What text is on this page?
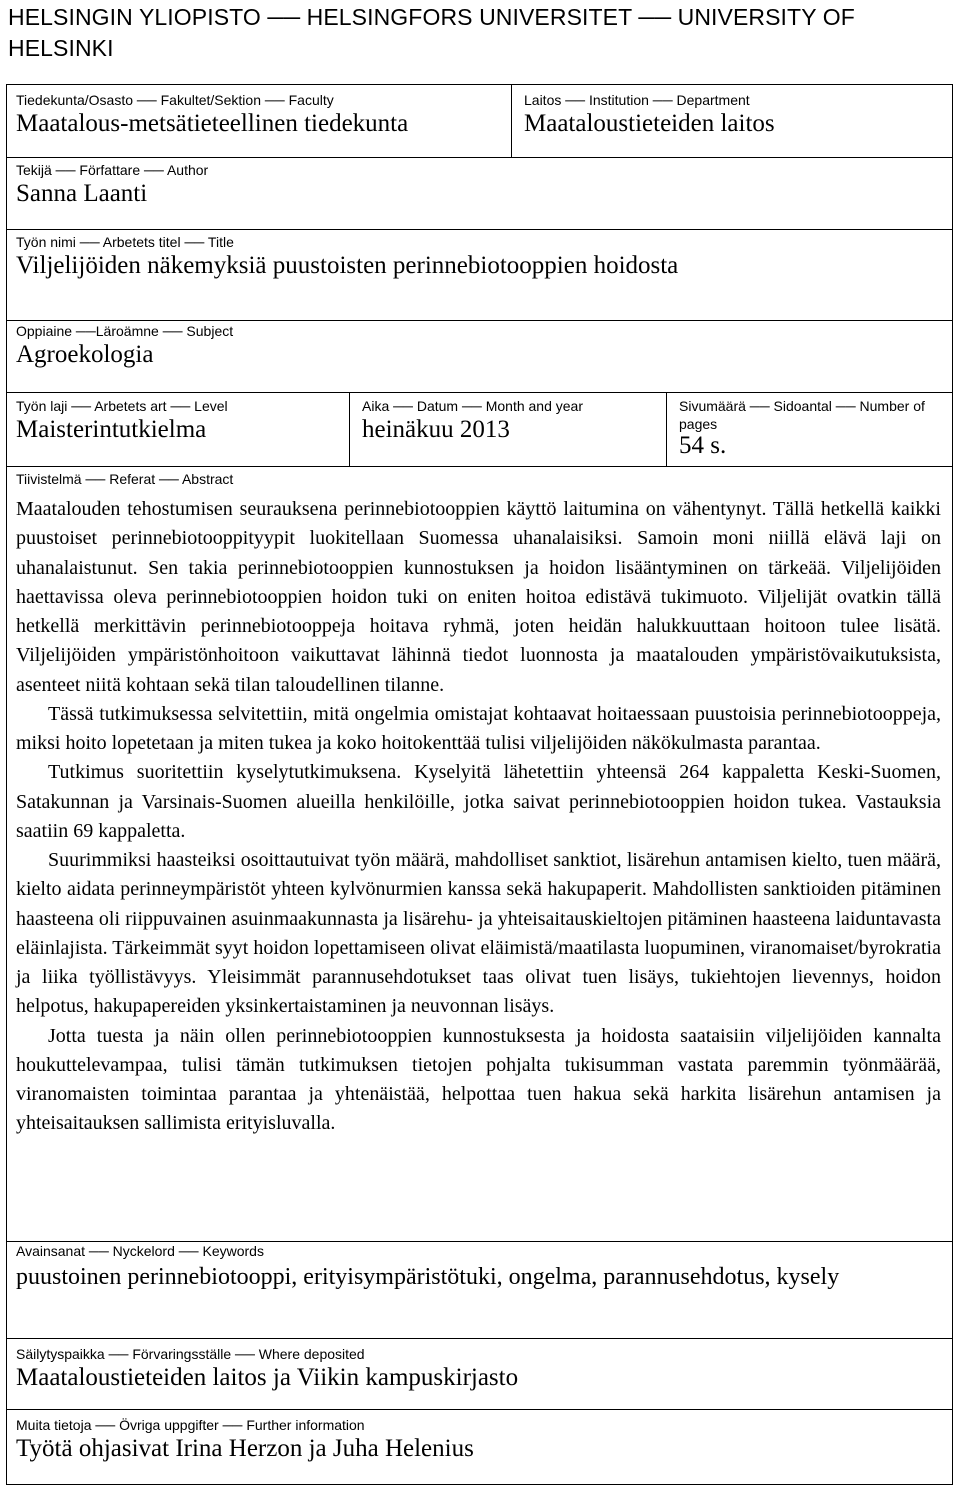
HELSINGIN YLIOPISTO ── HELSINGFORS UNIVERSITET ── UNIVERSITY OF HELSINKI
Tiedekunta/Osasto ── Fakultet/Sektion ── Faculty
Maatalous-metsätieteellinen tiedekunta
Laitos ── Institution ── Department
Maataloustieteiden laitos
Tekijä ── Författare ── Author
Sanna Laanti
Työn nimi ── Arbetets titel ── Title
Viljelijöiden näkemyksiä puustoisten perinnebiotooppien hoidosta
Oppiaine ──Läroämne ── Subject
Agroekologia
Työn laji ── Arbetets art ── Level
Maisterintutkielma
Aika ── Datum ── Month and year
heinäkuu 2013
Sivumäärä ── Sidoantal ── Number of pages
54 s.
Tiivistelmä ── Referat ── Abstract

Maatalouden tehostumisen seurauksena perinnebiotooppien käyttö laitumina on vähentynyt. Tällä hetkellä kaikki puustoiset perinnebiotooppityypit luokitellaan Suomessa uhanalaisiksi. Samoin moni niillä elävä laji on uhanalaistunut. Sen takia perinnebiotooppien kunnostuksen ja hoidon lisääntyminen on tärkeää. Viljelijöiden haettavissa oleva perinnebiotooppien hoidon tuki on eniten hoitoa edistävä tukimuoto. Viljelijät ovatkin tällä hetkellä merkittävin perinnebiotooppeja hoitava ryhmä, joten heidän halukkuuttaan hoitoon tulee lisätä. Viljelijöiden ympäristönhoitoon vaikuttavat lähinnä tiedot luonnosta ja maatalouden ympäristövaikutuksista, asenteet niitä kohtaan sekä tilan taloudellinen tilanne.

Tässä tutkimuksessa selvitettiin, mitä ongelmia omistajat kohtaavat hoitaessaan puustoisia perinnebiotooppeja, miksi hoito lopetetaan ja miten tukea ja koko hoitokenttää tulisi viljelijöiden näkökulmasta parantaa.

Tutkimus suoritettiin kyselytutkimuksena. Kyselyitä lähetettiin yhteensä 264 kappaletta Keski-Suomen, Satakunnan ja Varsinais-Suomen alueilla henkilöille, jotka saivat perinnebiotooppien hoidon tukea. Vastauksia saatiin 69 kappaletta.

Suurimmiksi haasteiksi osoittautuivat työn määrä, mahdolliset sanktiot, lisärehun antamisen kielto, tuen määrä, kielto aidata perinneympäristöt yhteen kylvönurmien kanssa sekä hakupaperit. Mahdollisten sanktioiden pitäminen haasteena oli riippuvainen asuinmaakunnasta ja lisärehu- ja yhteisaitauskieltojen pitäminen haasteena laiduntavasta eläinlajista. Tärkeimmät syyt hoidon lopettamiseen olivat eläimistä/maatilasta luopuminen, viranomaiset/byrokratia ja liika työllistävyys. Yleisimmät parannusehdotukset taas olivat tuen lisäys, tukiehtojen lievennys, hoidon helpotus, hakupapereiden yksinkertaistaminen ja neuvonnan lisäys.

Jotta tuesta ja näin ollen perinnebiotooppien kunnostuksesta ja hoidosta saataisiin viljelijöiden kannalta houkuttelevampaa, tulisi tämän tutkimuksen tietojen pohjalta tukisumman vastata paremmin työnmäärää, viranomaisten toimintaa parantaa ja yhtenäistää, helpottaa tuen hakua sekä harkita lisärehun antamisen ja yhteisaitauksen sallimista erityisluvalla.

Avainsanat ── Nyckelord ── Keywords
puustoinen perinnebiotooppi, erityisympäristötuki, ongelma, parannusehdotus, kysely
Säilytyspaikka ── Förvaringsställe ── Where deposited
Maataloustieteiden laitos ja Viikin kampuskirjasto
Muita tietoja ── Övriga uppgifter ── Further information
Työtä ohjasivat Irina Herzon ja Juha Helenius
